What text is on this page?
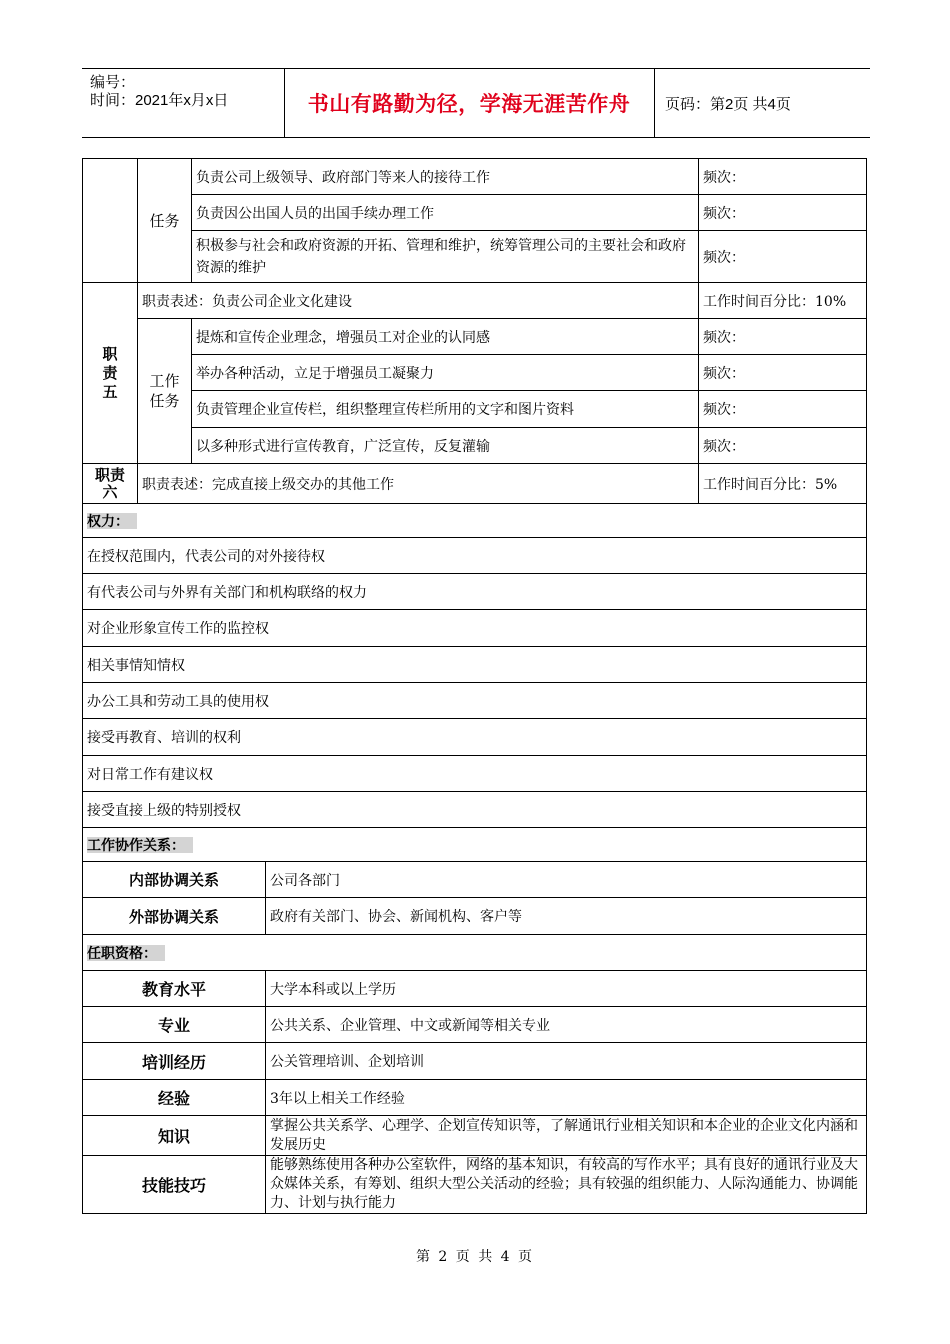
编号：
时间：2021年x月x日	书山有路勤为径，学海无涯苦作舟	页码：第2页 共4页
	任务	负责公司上级领导、政府部门等来人的接待工作		频次：
		负责因公出国人员的出国手续办理工作		频次：
		积极参与社会和政府资源的开拓、管理和维护，统筹管理公司的主要社会和政府资源的维护		频次：
职
责
五	职责表述：负责公司企业文化建设			工作时间百分比：10%
	工作
任务	提炼和宣传企业理念，增强员工对企业的认同感		频次：
		举办各种活动，立足于增强员工凝聚力		频次：
		负责管理企业宣传栏，组织整理宣传栏所用的文字和图片资料		频次：
		以多种形式进行宣传教育，广泛宣传，反复灌输		频次：
职责
六	职责表述：完成直接上级交办的其他工作			工作时间百分比：5%
权力：				
在授权范围内，代表公司的对外接待权				
有代表公司与外界有关部门和机构联络的权力				
对企业形象宣传工作的监控权				
相关事情知情权				
办公工具和劳动工具的使用权				
接受再教育、培训的权利				
对日常工作有建议权				
接受直接上级的特别授权				
工作协作关系：				
内部协调关系			公司各部门	
外部协调关系			政府有关部门、协会、新闻机构、客户等	
任职资格：				
教育水平			大学本科或以上学历	
专业			公共关系、企业管理、中文或新闻等相关专业	
培训经历			公关管理培训、企划培训	
经验			3年以上相关工作经验	
知识			掌握公共关系学、心理学、企划宣传知识等，了解通讯行业相关知识和本企业的企业文化内涵和发展历史	
技能技巧			能够熟练使用各种办公室软件，网络的基本知识，有较高的写作水平；具有良好的通讯行业及大众媒体关系，有筹划、组织大型公关活动的经验；具有较强的组织能力、人际沟通能力、协调能力、计划与执行能力	
第 2 页 共 4 页
